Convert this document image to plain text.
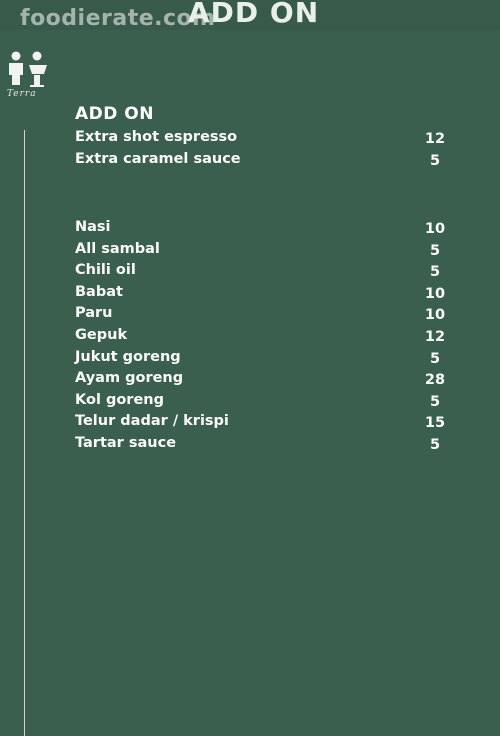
foodierate.com
ADD ON
Terra
ADD ON
Extra shot espresso	12
Extra caramel sauce	5
Nasi	10
All sambal	5
Chili oil	5
Babat	10
Paru	10
Gepuk	12
Jukut goreng	5
Ayam goreng	28
Kol goreng	5
Telur dadar / krispi	15
Tartar sauce	5
